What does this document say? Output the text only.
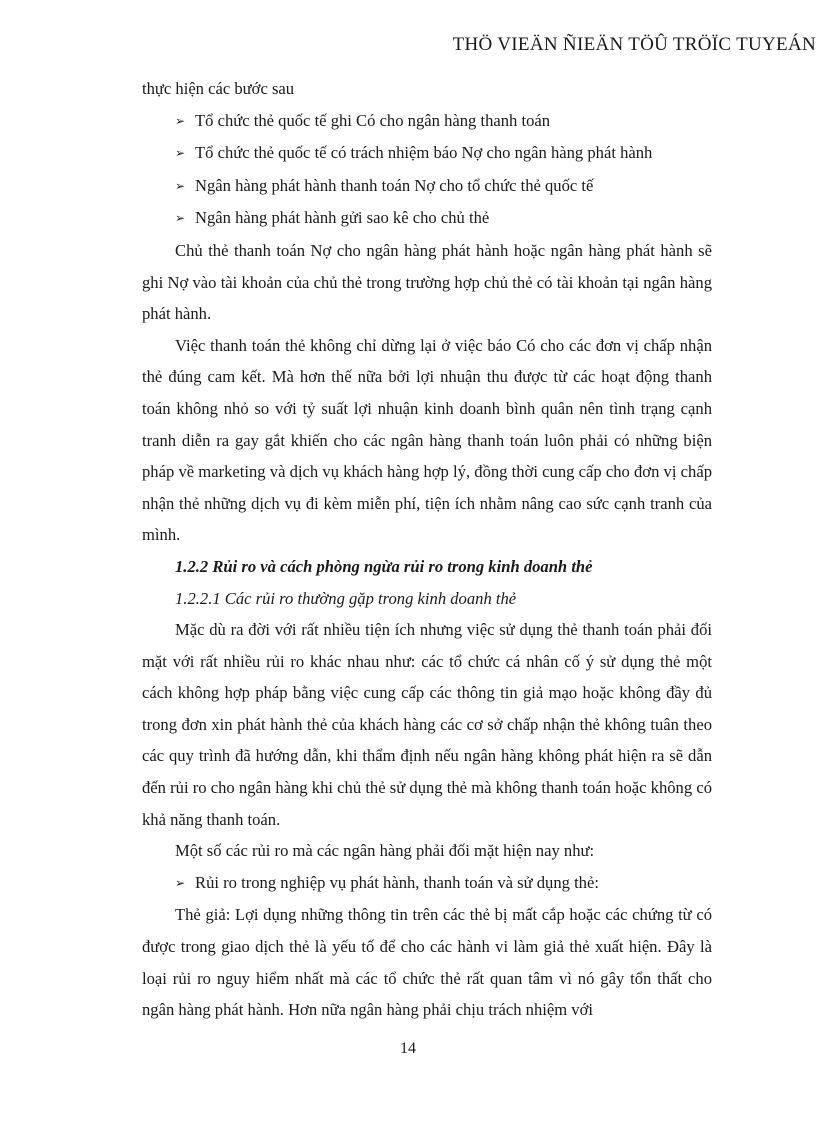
THÖ VIEÄN ÑIEÄN TÖÛ TRÖÏC TUYEÁN

thực hiện các bước sau

➢ Tổ chức thẻ quốc tế ghi Có cho ngân hàng thanh toán

➢ Tổ chức thẻ quốc tế có trách nhiệm báo Nợ cho ngân hàng phát hành

➢ Ngân hàng phát hành thanh toán Nợ cho tổ chức thẻ quốc tế

➢ Ngân hàng phát hành gửi sao kê cho chủ thẻ

Chủ thẻ thanh toán Nợ cho ngân hàng phát hành hoặc ngân hàng phát hành sẽ ghi Nợ vào tài khoản của chủ thẻ trong trường hợp chủ thẻ có tài khoản tại ngân hàng phát hành.

Việc thanh toán thẻ không chỉ dừng lại ở việc báo Có cho các đơn vị chấp nhận thẻ đúng cam kết. Mà hơn thế nữa bởi lợi nhuận thu được từ các hoạt động thanh toán không nhỏ so với tỷ suất lợi nhuận kinh doanh bình quân nên tình trạng cạnh tranh diễn ra gay gắt khiến cho các ngân hàng thanh toán luôn phải có những biện pháp về marketing và dịch vụ khách hàng hợp lý, đồng thời cung cấp cho đơn vị chấp nhận thẻ những dịch vụ đi kèm miễn phí, tiện ích nhằm nâng cao sức cạnh tranh của mình.

1.2.2 Rủi ro và cách phòng ngừa rủi ro trong kinh doanh thẻ

1.2.2.1 Các rủi ro thường gặp trong kinh doanh thẻ

Mặc dù ra đời với rất nhiều tiện ích nhưng việc sử dụng thẻ thanh toán phải đối mặt với rất nhiều rủi ro khác nhau như: các tổ chức cá nhân cố ý sử dụng thẻ một cách không hợp pháp bằng việc cung cấp các thông tin giả mạo hoặc không đầy đủ trong đơn xin phát hành thẻ của khách hàng các cơ sở chấp nhận thẻ không tuân theo các quy trình đã hướng dẫn, khi thẩm định nếu ngân hàng không phát hiện ra sẽ dẫn đến rủi ro cho ngân hàng khi chủ thẻ sử dụng thẻ mà không thanh toán hoặc không có khả năng thanh toán.

Một số các rủi ro mà các ngân hàng phải đối mặt hiện nay như:

➢ Rủi ro trong nghiệp vụ phát hành, thanh toán và sử dụng thẻ:

Thẻ giả: Lợi dụng những thông tin trên các thẻ bị mất cắp hoặc các chứng từ có được trong giao dịch thẻ là yếu tố để cho các hành vi làm giả thẻ xuất hiện. Đây là loại rủi ro nguy hiểm nhất mà các tổ chức thẻ rất quan tâm vì nó gây tổn thất cho ngân hàng phát hành. Hơn nữa ngân hàng phải chịu trách nhiệm với

14
